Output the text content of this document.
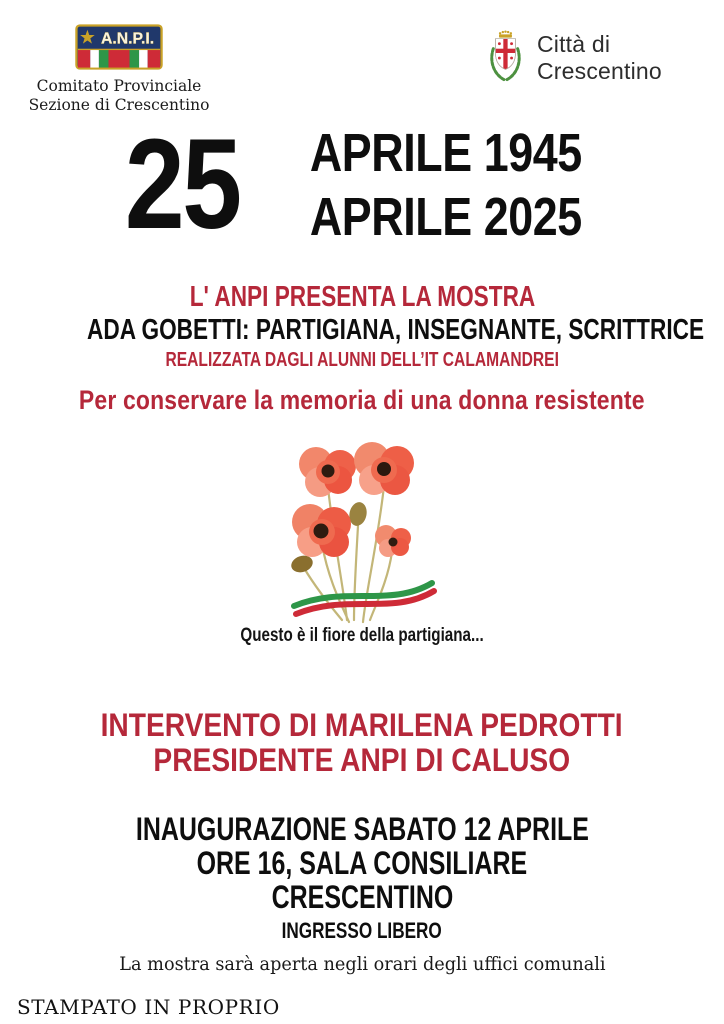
A.N.P.I.
Comitato Provinciale
Sezione di Crescentino
Città di Crescentino
25	APRILE 1945
APRILE 2025
L' ANPI PRESENTA LA MOSTRA
ADA GOBETTI: PARTIGIANA, INSEGNANTE, SCRITTRICE
REALIZZATA DAGLI ALUNNI DELL’IT CALAMANDREI
Per conservare la memoria di una donna resistente
Questo è il fiore della partigiana...
INTERVENTO DI MARILENA PEDROTTI
PRESIDENTE ANPI DI CALUSO
INAUGURAZIONE SABATO 12 APRILE
ORE 16, SALA CONSILIARE
CRESCENTINO
INGRESSO LIBERO
La mostra sarà aperta negli orari degli uffici comunali
STAMPATO IN PROPRIO
